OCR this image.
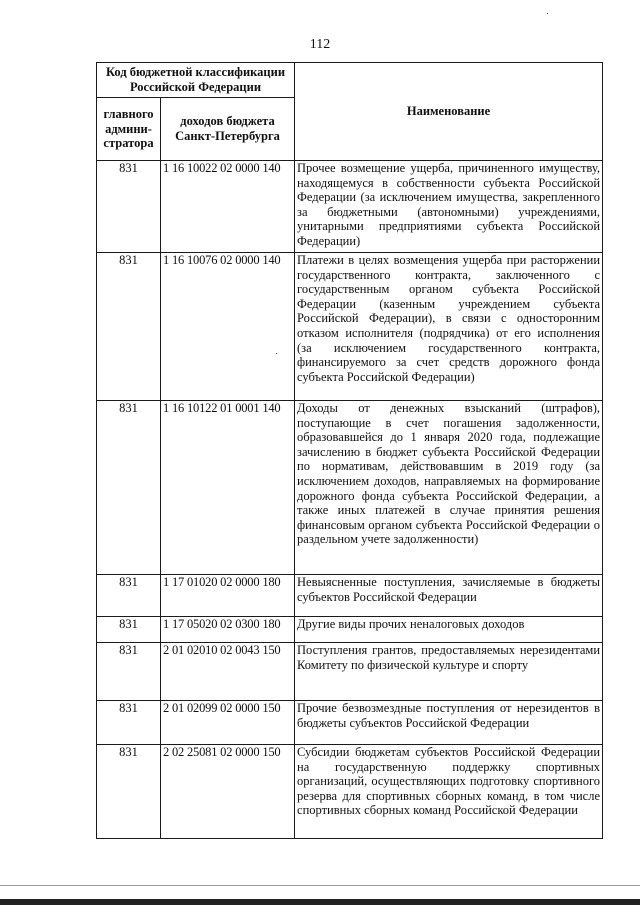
112
Код бюджетной классификации Российской Федерации		Наименование
главного админи-стратора	доходов бюджета Санкт-Петербурга	
831	1 16 10022 02 0000 140	Прочее возмещение ущерба, причиненного имуществу, находящемуся в собственности субъекта Российской Федерации (за исключением имущества, закрепленного за бюджетными (автономными) учреждениями, унитарными предприятиями субъекта Российской Федерации)
831	1 16 10076 02 0000 140	Платежи в целях возмещения ущерба при расторжении государственного контракта, заключенного с государственным органом субъекта Российской Федерации (казенным учреждением субъекта Российской Федерации), в связи с односторонним отказом исполнителя (подрядчика) от его исполнения (за исключением государственного контракта, финансируемого за счет средств дорожного фонда субъекта Российской Федерации)
831	1 16 10122 01 0001 140	Доходы от денежных взысканий (штрафов), поступающие в счет погашения задолженности, образовавшейся до 1 января 2020 года, подлежащие зачислению в бюджет субъекта Российской Федерации по нормативам, действовавшим в 2019 году (за исключением доходов, направляемых на формирование дорожного фонда субъекта Российской Федерации, а также иных платежей в случае принятия решения финансовым органом субъекта Российской Федерации о раздельном учете задолженности)
831	1 17 01020 02 0000 180	Невыясненные поступления, зачисляемые в бюджеты субъектов Российской Федерации
831	1 17 05020 02 0300 180	Другие виды прочих неналоговых доходов
831	2 01 02010 02 0043 150	Поступления грантов, предоставляемых нерезидентами Комитету по физической культуре и спорту
831	2 01 02099 02 0000 150	Прочие безвозмездные поступления от нерезидентов в бюджеты субъектов Российской Федерации
831	2 02 25081 02 0000 150	Субсидии бюджетам субъектов Российской Федерации на государственную поддержку спортивных организаций, осуществляющих подготовку спортивного резерва для спортивных сборных команд, в том числе спортивных сборных команд Российской Федерации
